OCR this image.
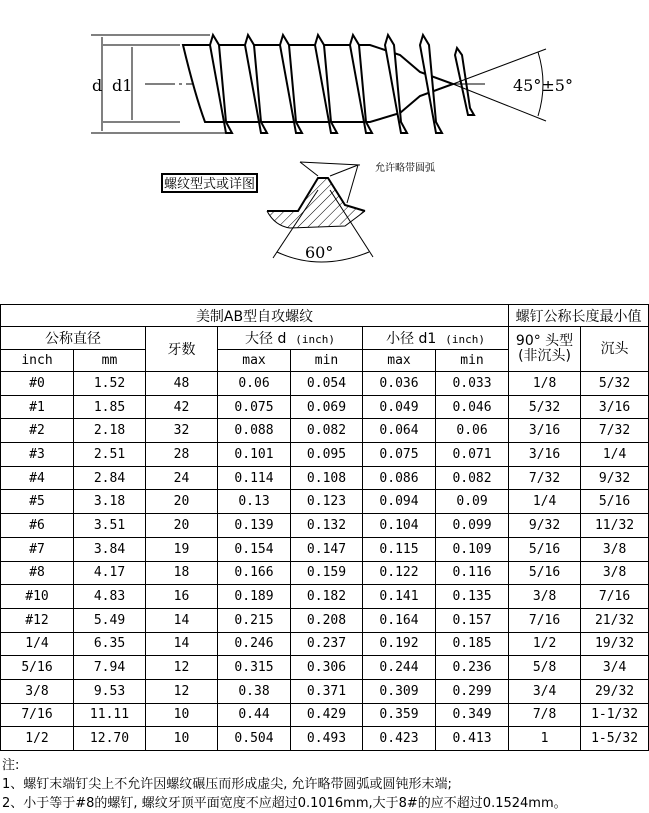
45°±5°
d d1
螺纹型式或详图
允许略带圆弧
60°
美制AB型自攻螺纹							螺钉公称长度最小值	
公称直径		牙数	大径 d (inch)		小径 d1 (inch)		90° 头型
(非沉头)	沉头
inch	mm		max	min	max	min		
#0	1.52	48	0.06	0.054	0.036	0.033	1/8	5/32
#1	1.85	42	0.075	0.069	0.049	0.046	5/32	3/16
#2	2.18	32	0.088	0.082	0.064	0.06	3/16	7/32
#3	2.51	28	0.101	0.095	0.075	0.071	3/16	1/4
#4	2.84	24	0.114	0.108	0.086	0.082	7/32	9/32
#5	3.18	20	0.13	0.123	0.094	0.09	1/4	5/16
#6	3.51	20	0.139	0.132	0.104	0.099	9/32	11/32
#7	3.84	19	0.154	0.147	0.115	0.109	5/16	3/8
#8	4.17	18	0.166	0.159	0.122	0.116	5/16	3/8
#10	4.83	16	0.189	0.182	0.141	0.135	3/8	7/16
#12	5.49	14	0.215	0.208	0.164	0.157	7/16	21/32
1/4	6.35	14	0.246	0.237	0.192	0.185	1/2	19/32
5/16	7.94	12	0.315	0.306	0.244	0.236	5/8	3/4
3/8	9.53	12	0.38	0.371	0.309	0.299	3/4	29/32
7/16	11.11	10	0.44	0.429	0.359	0.349	7/8	1-1/32
1/2	12.70	10	0.504	0.493	0.423	0.413	1	1-5/32
注:
1、螺钉末端钉尖上不允许因螺纹碾压而形成虚尖, 允许略带圆弧或圆钝形末端;
2、小于等于#8的螺钉, 螺纹牙顶平面宽度不应超过0.1016mm,大于8#的应不超过0.1524mm。
